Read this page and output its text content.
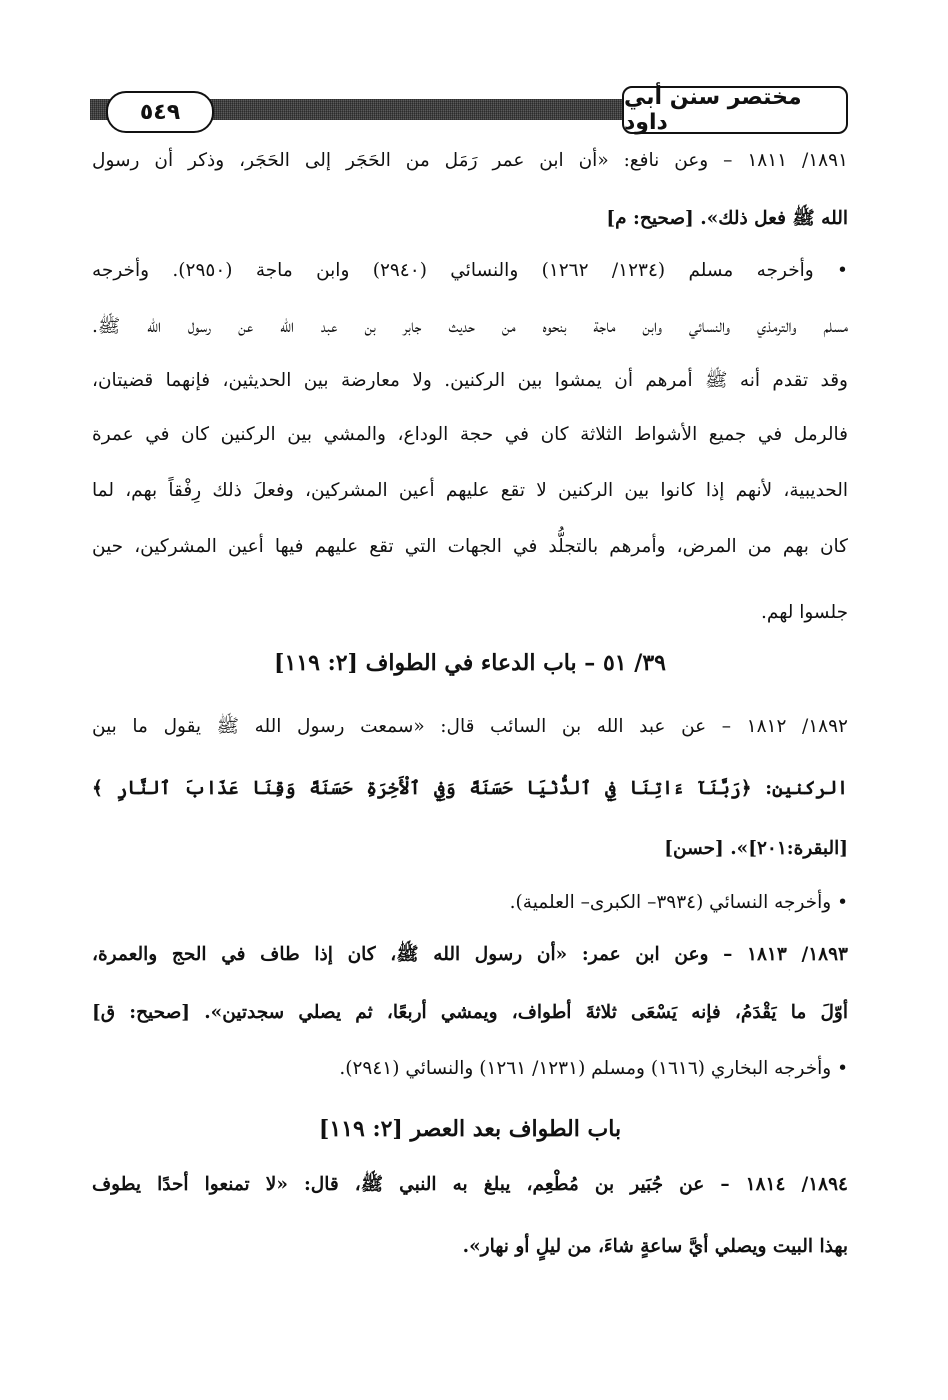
٥٤٩
مختصر سنن أبي داود
١٨٩١/ ١٨١١ – وعن نافع: «أن ابن عمر رَمَل من الحَجَر إلى الحَجَر، وذكر أن رسول
الله ﷺ فعل ذلك». [صحيح: م]
• وأخرجه مسلم (١٢٣٤/ ١٢٦٢) والنسائي (٢٩٤٠) وابن ماجة (٢٩٥٠). وأخرجه
مسلم والترمذي والنسائي وابن ماجة بنحوه من حديث جابر بن عبد الله عن رسول الله ﷺ.
وقد تقدم أنه ﷺ أمرهم أن يمشوا بين الركنين. ولا معارضة بين الحديثين، فإنهما قضيتان،
فالرمل في جميع الأشواط الثلاثة كان في حجة الوداع، والمشي بين الركنين كان في عمرة
الحديبية، لأنهم إذا كانوا بين الركنين لا تقع عليهم أعين المشركين، وفعلَ ذلك رِفْقاً بهم، لما
كان بهم من المرض، وأمرهم بالتجلُّد في الجهات التي تقع عليهم فيها أعين المشركين، حين
جلسوا لهم.
٣٩/ ٥١ – باب الدعاء في الطواف [٢: ١١٩]
١٨٩٢/ ١٨١٢ – عن عبد الله بن السائب قال: «سمعت رسول الله ﷺ يقول ما بين
الركنين: ﴿رَبَّنَآ ءَاتِنَا فِي ٱلدُّنْيَا حَسَنَةً وَفِي ٱلْأَخِرَةِ حَسَنَةً وَقِنَا عَذَابَ ٱلنَّارِ ﴾
[البقرة:٢٠١]». [حسن]
• وأخرجه النسائي (٣٩٣٤– الكبرى– العلمية).
١٨٩٣/ ١٨١٣ – وعن ابن عمر: «أن رسول الله ﷺ، كان إذا طاف في الحج والعمرة،
أوّلَ ما يَقْدَمُ، فإنه يَسْعَى ثلاثةَ أطواف، ويمشي أربعًا، ثم يصلي سجدتين». [صحيح: ق]
• وأخرجه البخاري (١٦١٦) ومسلم (١٢٣١/ ١٢٦١) والنسائي (٢٩٤١).
باب الطواف بعد العصر [٢: ١١٩]
١٨٩٤/ ١٨١٤ – عن جُبَير بن مُطْعِم، يبلغ به النبي ﷺ، قال: «لا تمنعوا أحدًا يطوف
بهذا البيت ويصلي أيَّ ساعةٍ شاءَ، من ليلٍ أو نهار».
